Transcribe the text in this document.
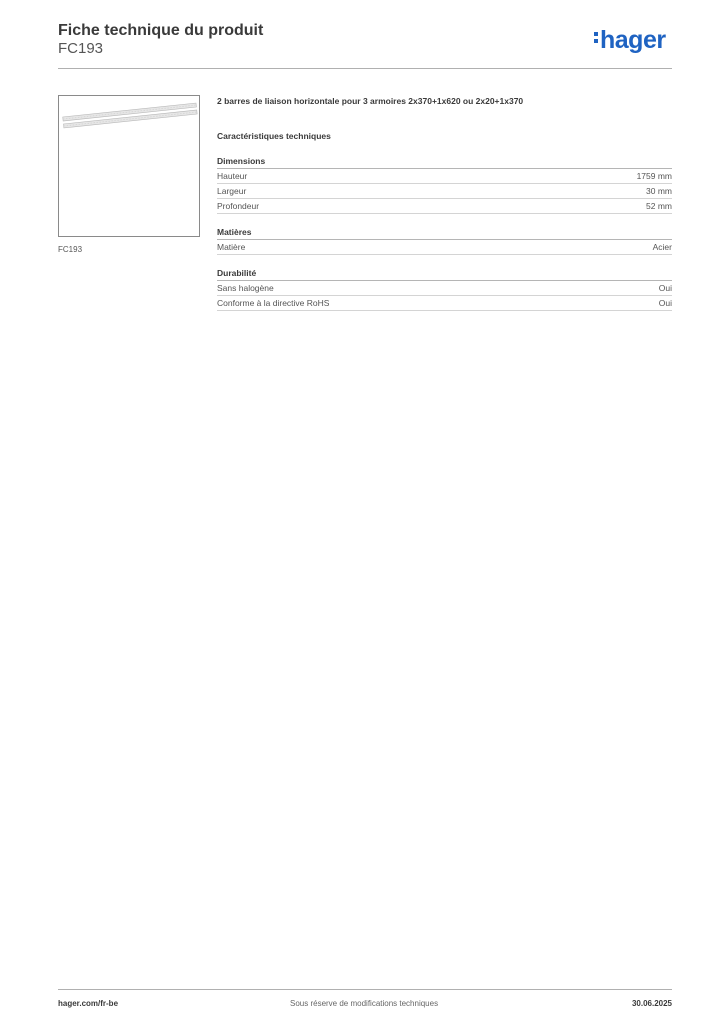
Fiche technique du produit
FC193	hager
FC193
2 barres de liaison horizontale pour 3 armoires 2x370+1x620 ou 2x20+1x370
Caractéristiques techniques
Dimensions
Hauteur	1759 mm
Largeur	30 mm
Profondeur	52 mm
Matières
Matière	Acier
Durabilité
Sans halogène	Oui
Conforme à la directive RoHS	Oui
hager.com/fr-be	Sous réserve de modifications techniques	30.06.2025
